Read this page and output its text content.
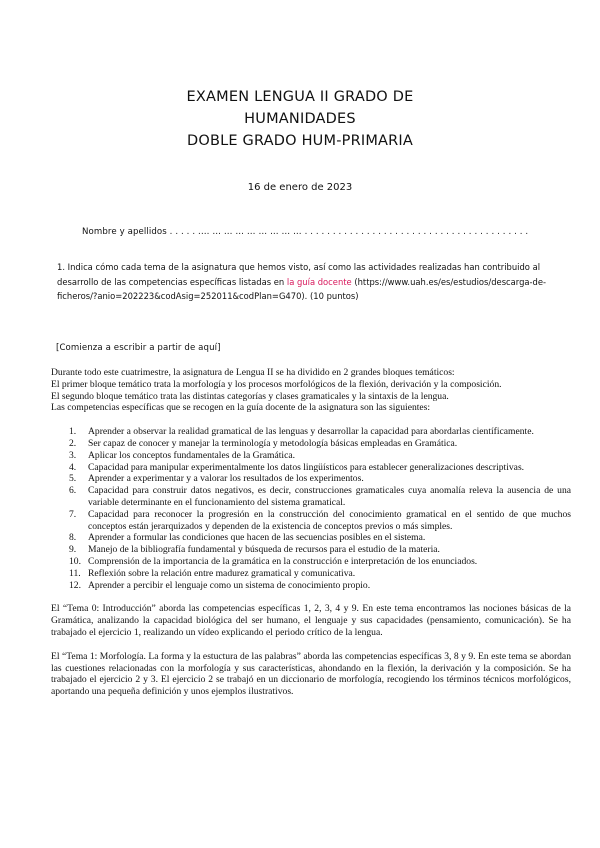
EXAMEN LENGUA II GRADO DE
HUMANIDADES
DOBLE GRADO HUM-PRIMARIA
16 de enero de 2023
Nombre y apellidos . . . . . .… … … … … … … … … . . . . . . . . . . . . . . . . . . . . . . . . . . . . . . . . . . . . . . . .
1. Indica cómo cada tema de la asignatura que hemos visto, así como las actividades realizadas han contribuido al desarrollo de las competencias específicas listadas en la guía docente (https://www.uah.es/es/estudios/descarga-de-ficheros/?anio=202223&codAsig=252011&codPlan=G470). (10 puntos)
[Comienza a escribir a partir de aquí]

Durante todo este cuatrimestre, la asignatura de Lengua II se ha dividido en 2 grandes bloques temáticos:

El primer bloque temático trata la morfología y los procesos morfológicos de la flexión, derivación y la composición.

El segundo bloque temático trata las distintas categorías y clases gramaticales y la sintaxis de la lengua.

Las competencias específicas que se recogen en la guía docente de la asignatura son las siguientes:

1. Aprender a observar la realidad gramatical de las lenguas y desarrollar la capacidad para abordarlas científicamente.
2. Ser capaz de conocer y manejar la terminología y metodología básicas empleadas en Gramática.
3. Aplicar los conceptos fundamentales de la Gramática.
4. Capacidad para manipular experimentalmente los datos lingüísticos para establecer generalizaciones descriptivas.
5. Aprender a experimentar y a valorar los resultados de los experimentos.
6. Capacidad para construir datos negativos, es decir, construcciones gramaticales cuya anomalía releva la ausencia de una variable determinante en el funcionamiento del sistema gramatical.
7. Capacidad para reconocer la progresión en la construcción del conocimiento gramatical en el sentido de que muchos conceptos están jerarquizados y dependen de la existencia de conceptos previos o más simples.
8. Aprender a formular las condiciones que hacen de las secuencias posibles en el sistema.
9. Manejo de la bibliografía fundamental y búsqueda de recursos para el estudio de la materia.
10. Comprensión de la importancia de la gramática en la construcción e interpretación de los enunciados.
11. Reflexión sobre la relación entre madurez gramatical y comunicativa.
12. Aprender a percibir el lenguaje como un sistema de conocimiento propio.

El “Tema 0: Introducción” aborda las competencias específicas 1, 2, 3, 4 y 9. En este tema encontramos las nociones básicas de la Gramática, analizando la capacidad biológica del ser humano, el lenguaje y sus capacidades (pensamiento, comunicación). Se ha trabajado el ejercicio 1, realizando un vídeo explicando el periodo crítico de la lengua.

El “Tema 1: Morfología. La forma y la estuctura de las palabras” aborda las competencias específicas 3, 8 y 9. En este tema se abordan las cuestiones relacionadas con la morfología y sus características, ahondando en la flexión, la derivación y la composición. Se ha trabajado el ejercicio 2 y 3. El ejercicio 2 se trabajó en un diccionario de morfología, recogiendo los términos técnicos morfológicos, aportando una pequeña definición y unos ejemplos ilustrativos.
